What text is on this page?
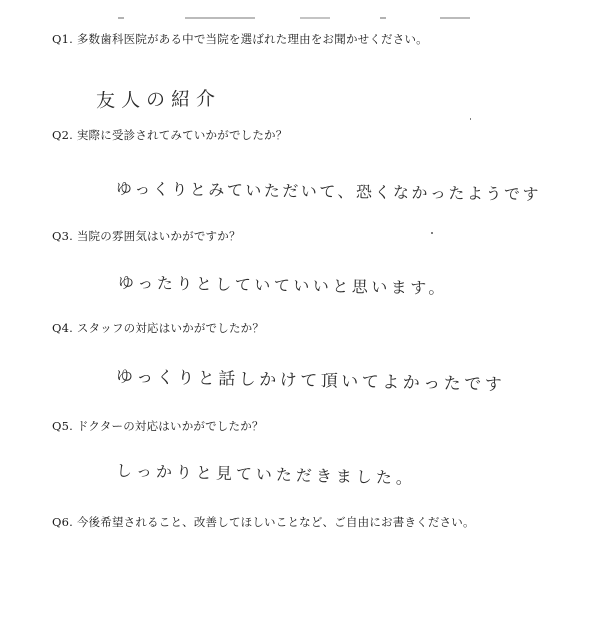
Q1. 多数歯科医院がある中で当院を選ばれた理由をお聞かせください。
友人の紹介
Q2. 実際に受診されてみていかがでしたか？
ゆっくりとみていただいて、恐くなかったようです
Q3. 当院の雰囲気はいかがですか？
ゆったりとしていていいと思います。
Q4. スタッフの対応はいかがでしたか？
ゆっくりと話しかけて頂いてよかったです
Q5. ドクターの対応はいかがでしたか？
しっかりと見ていただきました。
Q6. 今後希望されること、改善してほしいことなど、ご自由にお書きください。
